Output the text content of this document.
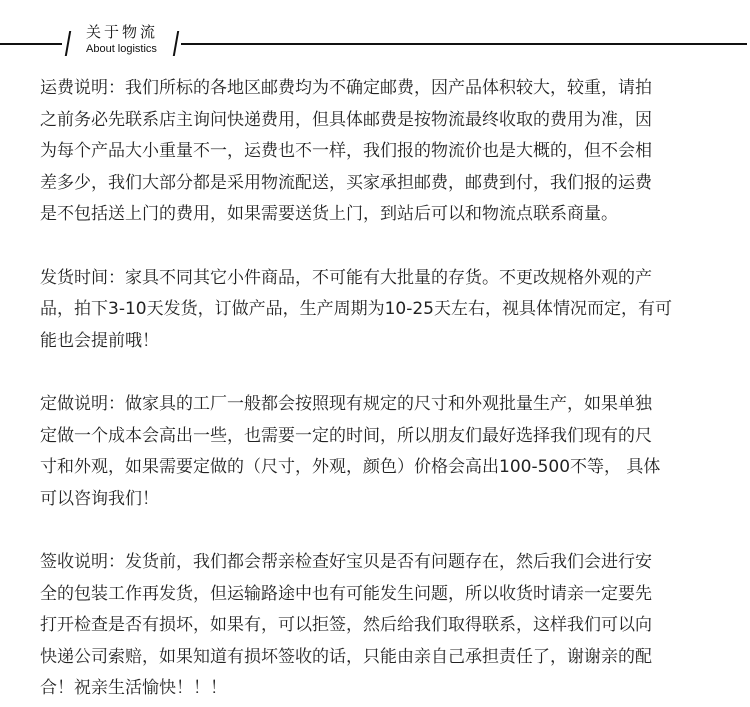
关于物流
About logistics
运费说明：我们所标的各地区邮费均为不确定邮费，因产品体积较大，较重，请拍
之前务必先联系店主询问快递费用，但具体邮费是按物流最终收取的费用为准，因
为每个产品大小重量不一，运费也不一样，我们报的物流价也是大概的，但不会相
差多少，我们大部分都是采用物流配送，买家承担邮费，邮费到付，我们报的运费
是不包括送上门的费用，如果需要送货上门，到站后可以和物流点联系商量。
发货时间：家具不同其它小件商品，不可能有大批量的存货。不更改规格外观的产
品，拍下3-10天发货，订做产品，生产周期为10-25天左右，视具体情况而定，有可
能也会提前哦！
定做说明：做家具的工厂一般都会按照现有规定的尺寸和外观批量生产，如果单独
定做一个成本会高出一些，也需要一定的时间，所以朋友们最好选择我们现有的尺
寸和外观，如果需要定做的（尺寸，外观，颜色）价格会高出100-500不等， 具体
可以咨询我们！
签收说明：发货前，我们都会帮亲检查好宝贝是否有问题存在，然后我们会进行安
全的包装工作再发货，但运输路途中也有可能发生问题，所以收货时请亲一定要先
打开检查是否有损坏，如果有，可以拒签，然后给我们取得联系，这样我们可以向
快递公司索赔，如果知道有损坏签收的话，只能由亲自己承担责任了，谢谢亲的配
合！祝亲生活愉快！！！
